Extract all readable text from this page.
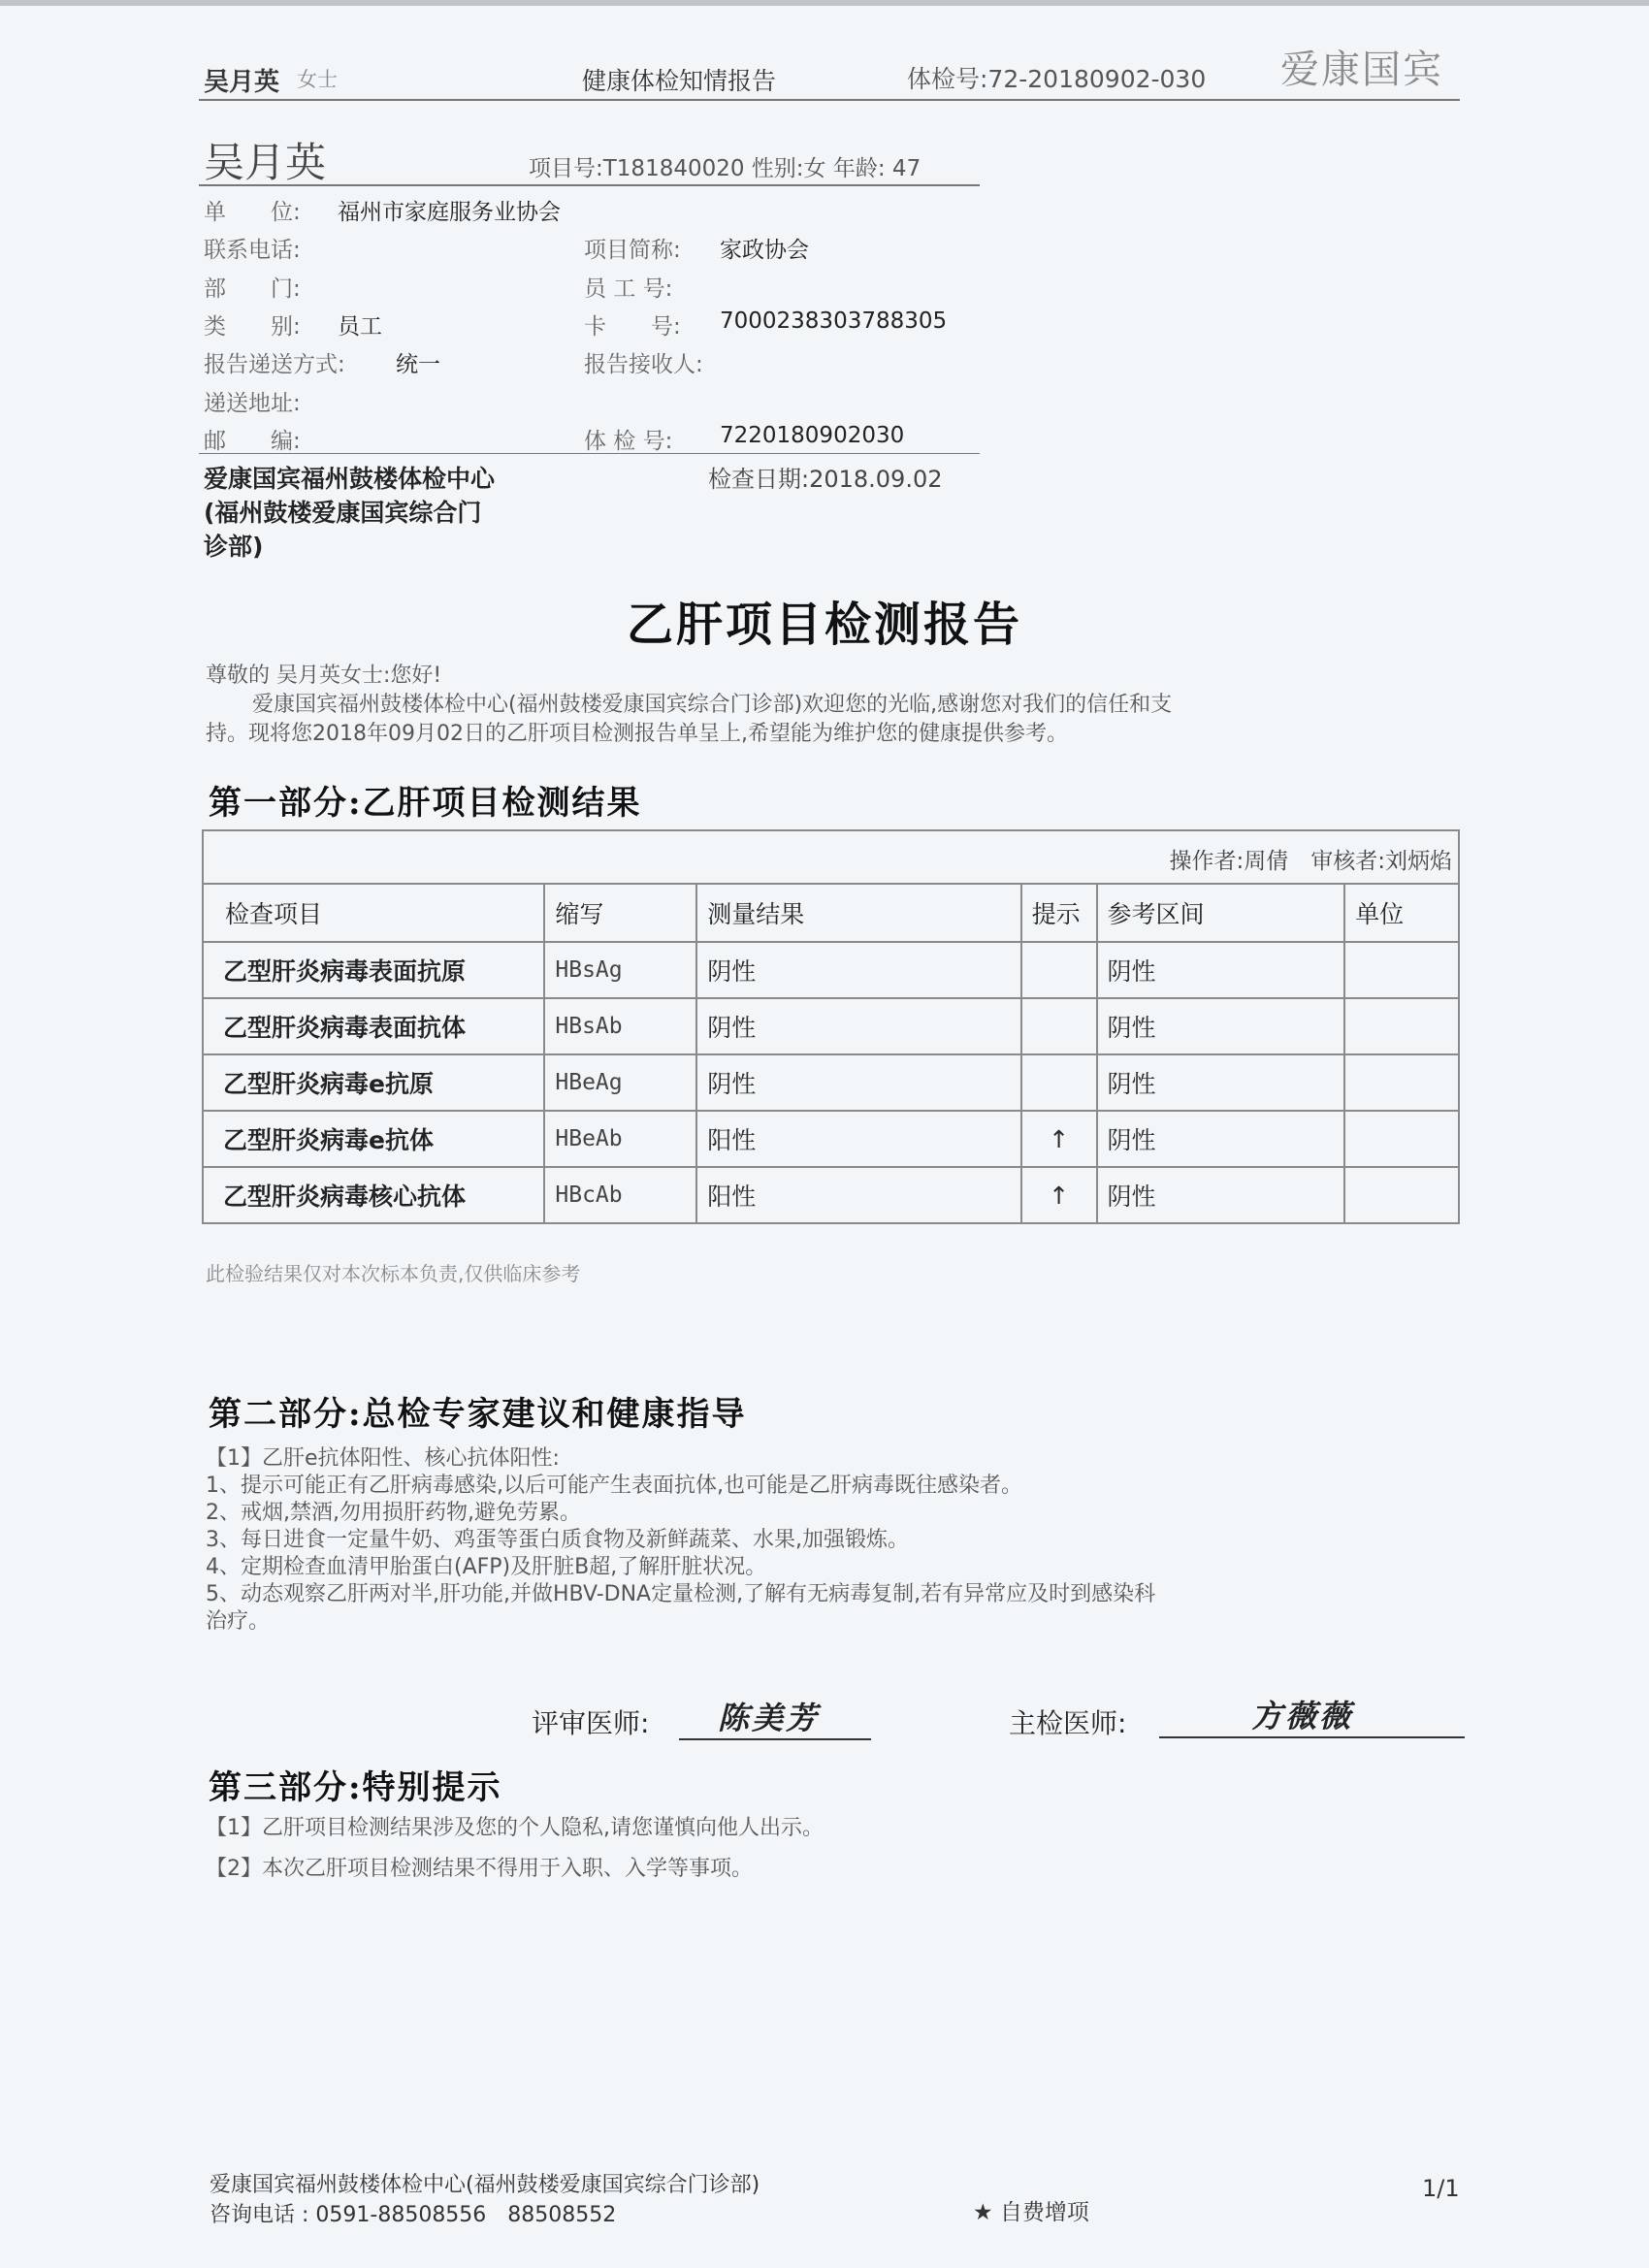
吴月英 女士	健康体检知情报告	体检号:72-20180902-030 爱康国宾
吴月英	项目号:T181840020 性别:女 年龄: 47
单　　位: 福州市家庭服务业协会
联系电话:	项目简称: 家政协会
部　　门:	员 工 号:
类　　别: 员工	卡　　号: 7000238303788305
报告递送方式: 统一	报告接收人:
递送地址:
邮　　编:	体 检 号: 7220180902030
爱康国宾福州鼓楼体检中心
(福州鼓楼爱康国宾综合门
诊部)
检查日期:2018.09.02
乙肝项目检测报告
尊敬的 吴月英女士:您好!
爱康国宾福州鼓楼体检中心(福州鼓楼爱康国宾综合门诊部)欢迎您的光临,感谢您对我们的信任和支
持。现将您2018年09月02日的乙肝项目检测报告单呈上,希望能为维护您的健康提供参考。
第一部分:乙肝项目检测结果
操作者:周倩　审核者:刘炳焰
检查项目	缩写	测量结果	提示	参考区间	单位
乙型肝炎病毒表面抗原	HBsAg	阴性		阴性	
乙型肝炎病毒表面抗体	HBsAb	阴性		阴性	
乙型肝炎病毒e抗原	HBeAg	阴性		阴性	
乙型肝炎病毒e抗体	HBeAb	阳性	↑	阴性	
乙型肝炎病毒核心抗体	HBcAb	阳性	↑	阴性	
此检验结果仅对本次标本负责,仅供临床参考
第二部分:总检专家建议和健康指导
【1】乙肝e抗体阳性、核心抗体阳性:
1、提示可能正有乙肝病毒感染,以后可能产生表面抗体,也可能是乙肝病毒既往感染者。
2、戒烟,禁酒,勿用损肝药物,避免劳累。
3、每日进食一定量牛奶、鸡蛋等蛋白质食物及新鲜蔬菜、水果,加强锻炼。
4、定期检查血清甲胎蛋白(AFP)及肝脏B超,了解肝脏状况。
5、动态观察乙肝两对半,肝功能,并做HBV-DNA定量检测,了解有无病毒复制,若有异常应及时到感染科
治疗。
评审医师: 陈美芳	主检医师:	方薇薇
第三部分:特别提示
【1】乙肝项目检测结果涉及您的个人隐私,请您谨慎向他人出示。
【2】本次乙肝项目检测结果不得用于入职、入学等事项。
爱康国宾福州鼓楼体检中心(福州鼓楼爱康国宾综合门诊部)
咨询电话 : 0591-88508556　88508552	★ 自费增项
1/1
